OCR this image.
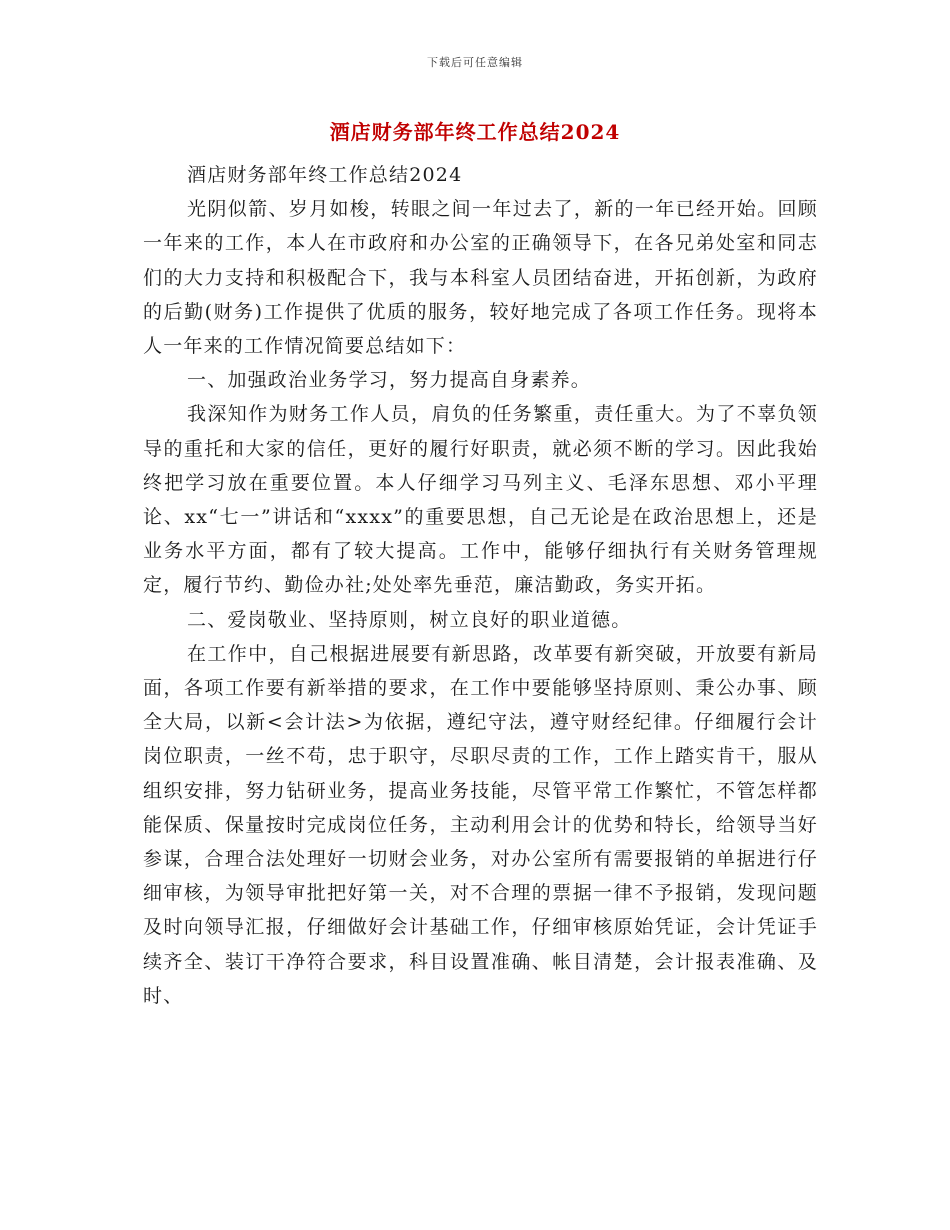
下载后可任意编辑
酒店财务部年终工作总结2024

酒店财务部年终工作总结2024

光阴似箭、岁月如梭，转眼之间一年过去了，新的一年已经开始。回顾一年来的工作，本人在市政府和办公室的正确领导下，在各兄弟处室和同志们的大力支持和积极配合下，我与本科室人员团结奋进，开拓创新，为政府的后勤(财务)工作提供了优质的服务，较好地完成了各项工作任务。现将本人一年来的工作情况简要总结如下：

一、加强政治业务学习，努力提高自身素养。

我深知作为财务工作人员，肩负的任务繁重，责任重大。为了不辜负领导的重托和大家的信任，更好的履行好职责，就必须不断的学习。因此我始终把学习放在重要位置。本人仔细学习马列主义、毛泽东思想、邓小平理论、xx“七一”讲话和“xxxx”的重要思想，自己无论是在政治思想上，还是业务水平方面，都有了较大提高。工作中，能够仔细执行有关财务管理规定，履行节约、勤俭办社;处处率先垂范，廉洁勤政，务实开拓。

二、爱岗敬业、坚持原则，树立良好的职业道德。

在工作中，自己根据进展要有新思路，改革要有新突破，开放要有新局面，各项工作要有新举措的要求，在工作中要能够坚持原则、秉公办事、顾全大局，以新<会计法>为依据，遵纪守法，遵守财经纪律。仔细履行会计岗位职责，一丝不苟，忠于职守，尽职尽责的工作，工作上踏实肯干，服从组织安排，努力钻研业务，提高业务技能，尽管平常工作繁忙，不管怎样都能保质、保量按时完成岗位任务，主动利用会计的优势和特长，给领导当好参谋，合理合法处理好一切财会业务，对办公室所有需要报销的单据进行仔细审核，为领导审批把好第一关，对不合理的票据一律不予报销，发现问题及时向领导汇报，仔细做好会计基础工作，仔细审核原始凭证，会计凭证手续齐全、装订干净符合要求，科目设置准确、帐目清楚，会计报表准确、及时、
